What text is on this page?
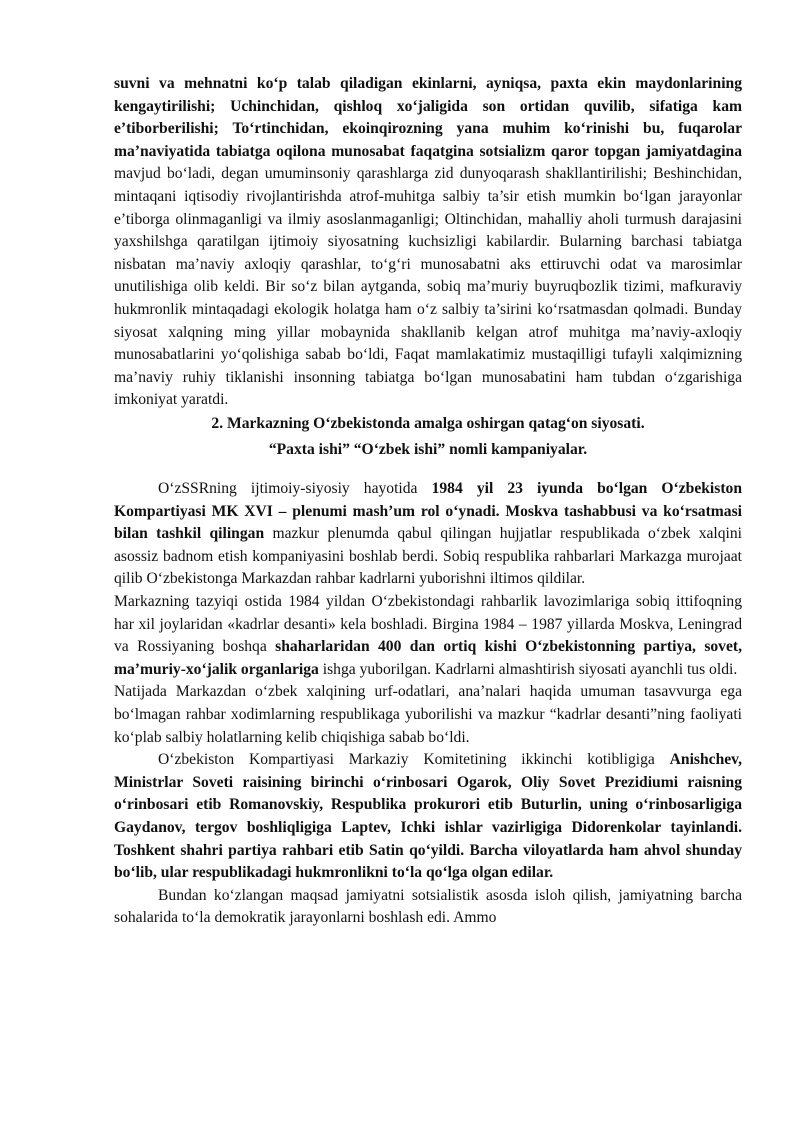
suvni va mehnatni ko‘p talab qiladigan ekinlarni, ayniqsa, paxta ekin maydonlarining kengaytirilishi; Uchinchidan, qishloq xo‘jaligida son ortidan quvilib, sifatiga kam e’tiborberilishi; To‘rtinchidan, ekoinqirozning yana muhim ko‘rinishi bu, fuqarolar ma’naviyatida tabiatga oqilona munosabat faqatgina sotsializm qaror topgan jamiyatdagina mavjud bo‘ladi, degan umuminsoniy qarashlarga zid dunyoqarash shakllantirilishi; Beshinchidan, mintaqani iqtisodiy rivojlantirishda atrof-muhitga salbiy ta’sir etish mumkin bo‘lgan jarayonlar e’tiborga olinmaganligi va ilmiy asoslanmaganligi; Oltinchidan, mahalliy aholi turmush darajasini yaxshilshga qaratilgan ijtimoiy siyosatning kuchsizligi kabilardir. Bularning barchasi tabiatga nisbatan ma’naviy axloqiy qarashlar, to‘g‘ri munosabatni aks ettiruvchi odat va marosimlar unutilishiga olib keldi. Bir so‘z bilan aytganda, sobiq ma’muriy buyruqbozlik tizimi, mafkuraviy hukmronlik mintaqadagi ekologik holatga ham o‘z salbiy ta’sirini ko‘rsatmasdan qolmadi. Bunday siyosat xalqning ming yillar mobaynida shakllanib kelgan atrof muhitga ma’naviy-axloqiy munosabatlarini yo‘qolishiga sabab bo‘ldi, Faqat mamlakatimiz mustaqilligi tufayli xalqimizning ma’naviy ruhiy tiklanishi insonning tabiatga bo‘lgan munosabatini ham tubdan o‘zgarishiga imkoniyat yaratdi.

2. Markazning O‘zbekistonda amalga oshirgan qatag‘on siyosati.

“Paxta ishi” “O‘zbek ishi” nomli kampaniyalar.

O‘zSSRning ijtimoiy-siyosiy hayotida 1984 yil 23 iyunda bo‘lgan O‘zbekiston Kompartiyasi MK XVI – plenumi mash’um rol o‘ynadi. Moskva tashabbusi va ko‘rsatmasi bilan tashkil qilingan mazkur plenumda qabul qilingan hujjatlar respublikada o‘zbek xalqini asossiz badnom etish kompaniyasini boshlab berdi. Sobiq respublika rahbarlari Markazga murojaat qilib O‘zbekistonga Markazdan rahbar kadrlarni yuborishni iltimos qildilar.

Markazning tazyiqi ostida 1984 yildan O‘zbekistondagi rahbarlik lavozimlariga sobiq ittifoqning har xil joylaridan «kadrlar desanti» kela boshladi. Birgina 1984 – 1987 yillarda Moskva, Leningrad va Rossiyaning boshqa shaharlaridan 400 dan ortiq kishi O‘zbekistonning partiya, sovet, ma’muriy-xo‘jalik organlariga ishga yuborilgan. Kadrlarni almashtirish siyosati ayanchli tus oldi.

Natijada Markazdan o‘zbek xalqining urf-odatlari, ana’nalari haqida umuman tasavvurga ega bo‘lmagan rahbar xodimlarning respublikaga yuborilishi va mazkur “kadrlar desanti”ning faoliyati ko‘plab salbiy holatlarning kelib chiqishiga sabab bo‘ldi.

O‘zbekiston Kompartiyasi Markaziy Komitetining ikkinchi kotibligiga Anishchev, Ministrlar Soveti raisining birinchi o‘rinbosari Ogarok, Oliy Sovet Prezidiumi raisning o‘rinbosari etib Romanovskiy, Respublika prokurori etib Buturlin, uning o‘rinbosarligiga Gaydanov, tergov boshliqligiga Laptev, Ichki ishlar vazirligiga Didorenkolar tayinlandi. Toshkent shahri partiya rahbari etib Satin qo‘yildi. Barcha viloyatlarda ham ahvol shunday bo‘lib, ular respublikadagi hukmronlikni to‘la qo‘lga olgan edilar.

Bundan ko‘zlangan maqsad jamiyatni sotsialistik asosda isloh qilish, jamiyatning barcha sohalarida to‘la demokratik jarayonlarni boshlash edi. Ammo
